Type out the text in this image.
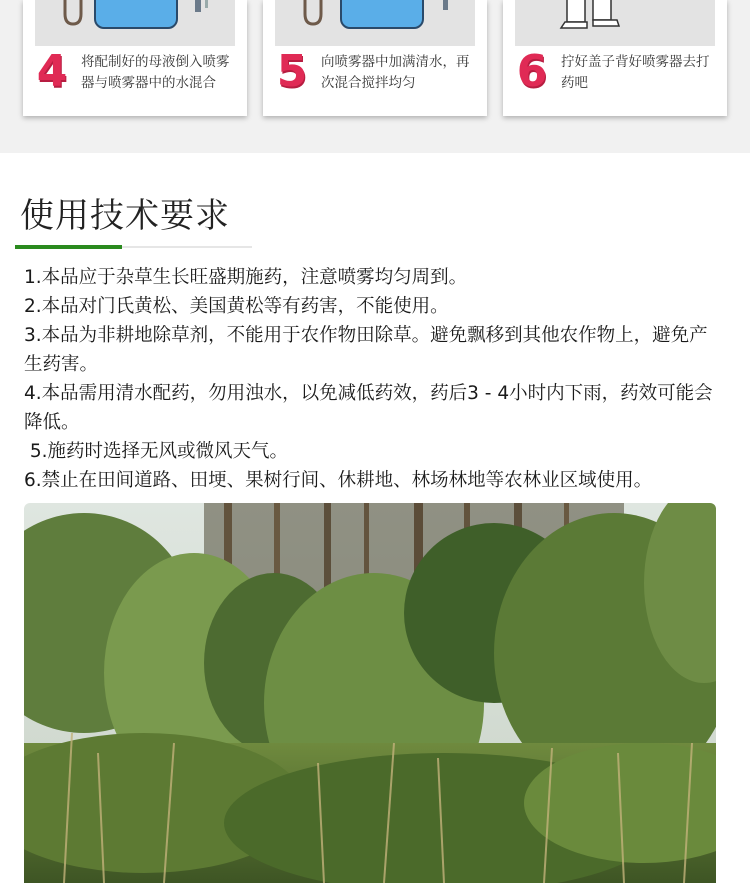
4 将配制好的母液倒入喷雾器与喷雾器中的水混合	5 向喷雾器中加满清水，再次混合搅拌均匀	6 拧好盖子背好喷雾器去打药吧
使用技术要求
1.本品应于杂草生长旺盛期施药，注意喷雾均匀周到。
2.本品对门氏黄松、美国黄松等有药害，不能使用。
3.本品为非耕地除草剂，不能用于农作物田除草。避免飘移到其他农作物上，避免产生药害。
4.本品需用清水配药，勿用浊水，以免减低药效，药后3 - 4小时内下雨，药效可能会降低。
5.施药时选择无风或微风天气。
6.禁止在田间道路、田埂、果树行间、休耕地、林场林地等农林业区域使用。
